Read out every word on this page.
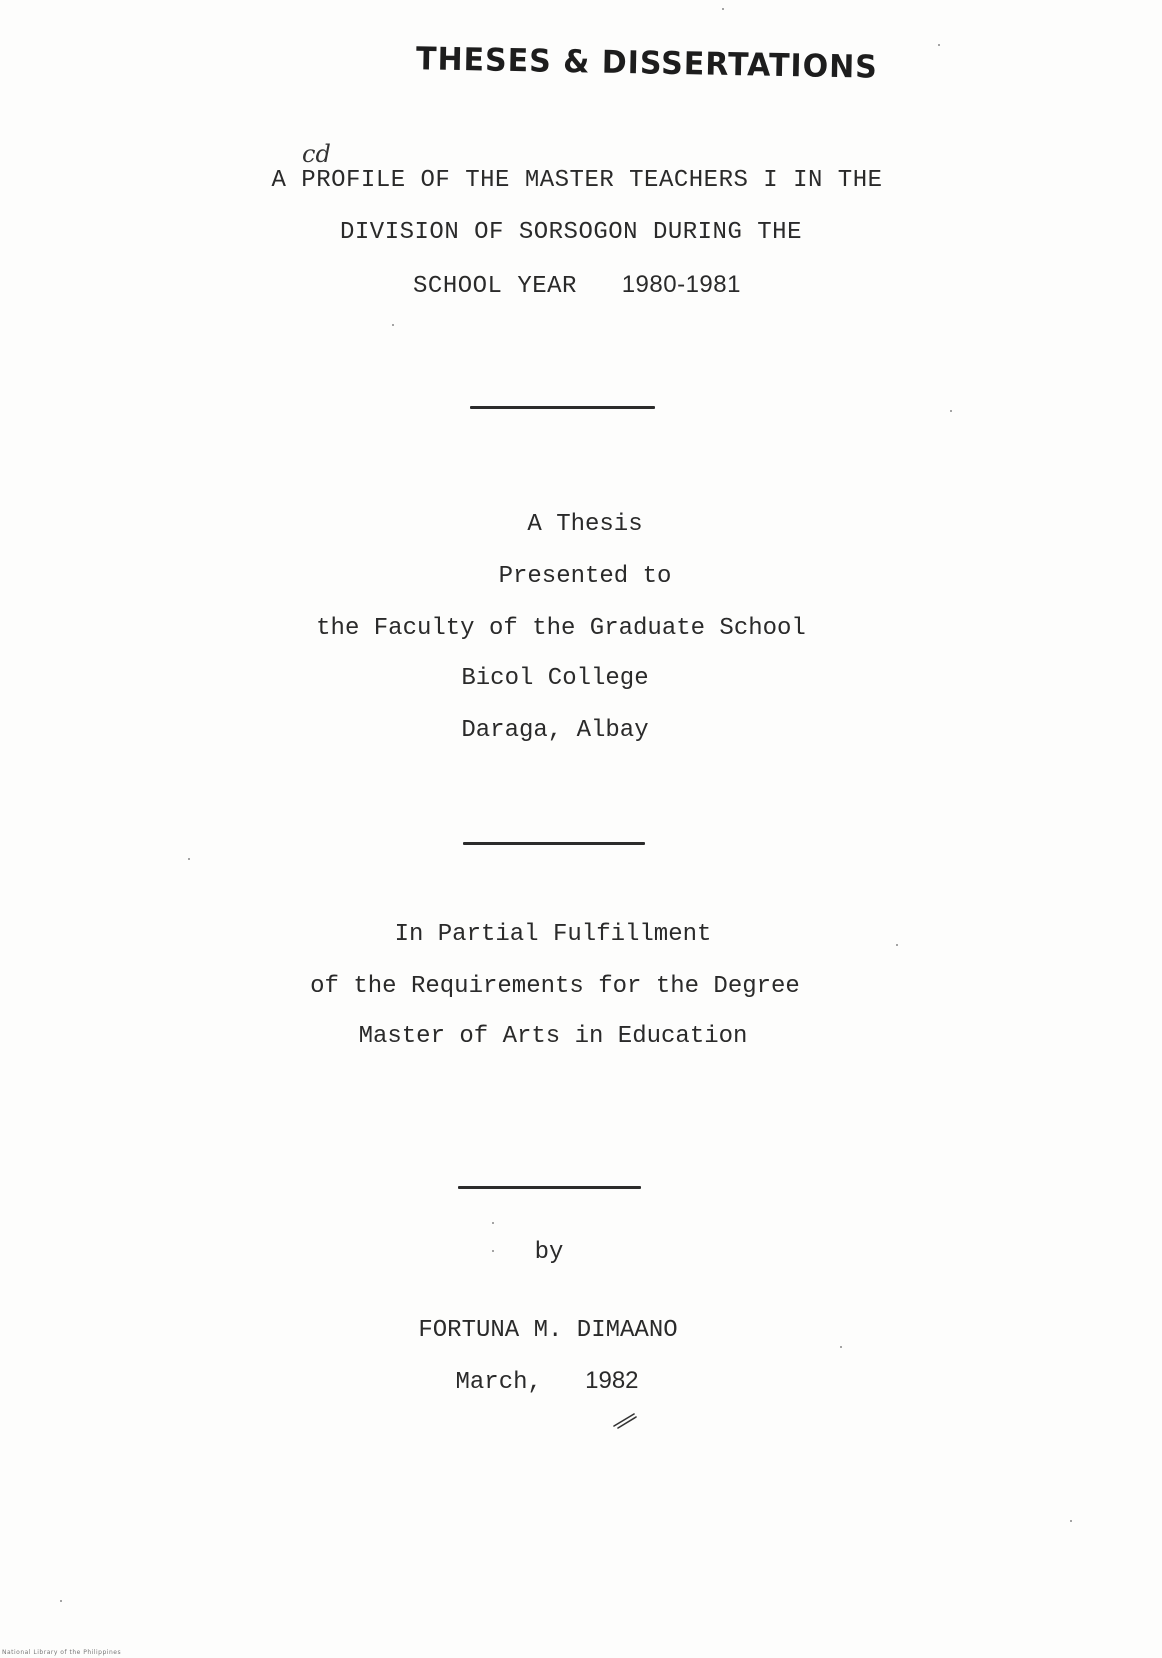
THESES & DISSERTATIONS
cd
A PROFILE OF THE MASTER TEACHERS I IN THE
DIVISION OF SORSOGON DURING THE
SCHOOL YEAR 1980-1981
A Thesis
Presented to
the Faculty of the Graduate School
Bicol College
Daraga, Albay
In Partial Fulfillment
of the Requirements for the Degree
Master of Arts in Education
by
FORTUNA M. DIMAANO
March, 1982
National Library of the Philippines
